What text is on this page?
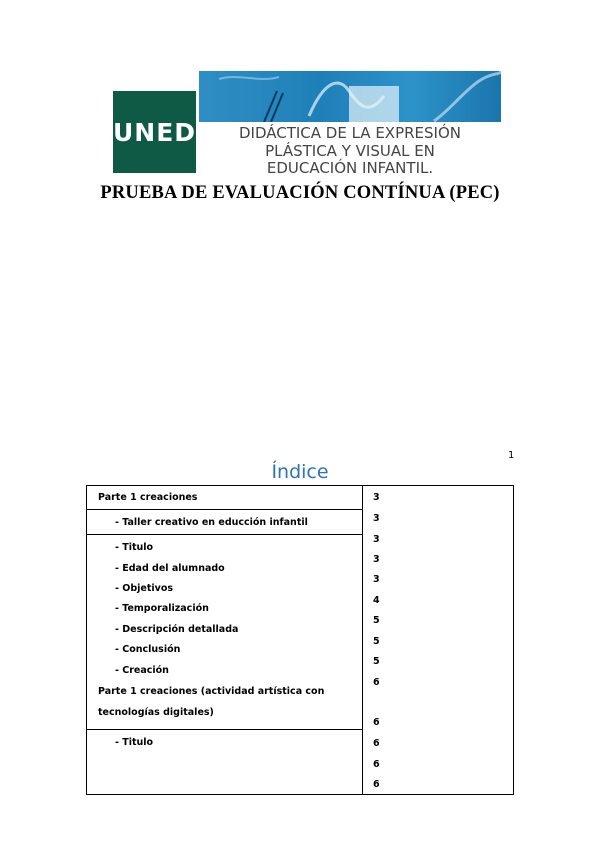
UNED	DIDÁCTICA DE LA EXPRESIÓN
PLÁSTICA Y VISUAL EN
EDUCACIÓN INFANTIL.
PRUEBA DE EVALUACIÓN CONTÍNUA (PEC)
1
Índice
Parte 1 creaciones
- Taller creativo en educción infantil
- Titulo
- Edad del alumnado
- Objetivos
- Temporalización
- Descripción detallada
- Conclusión
- Creación
Parte 1 creaciones (actividad artística con
tecnologías digitales)
- Titulo
3
3
3
3
3
4
5
5
5
6
6
6
6
6
